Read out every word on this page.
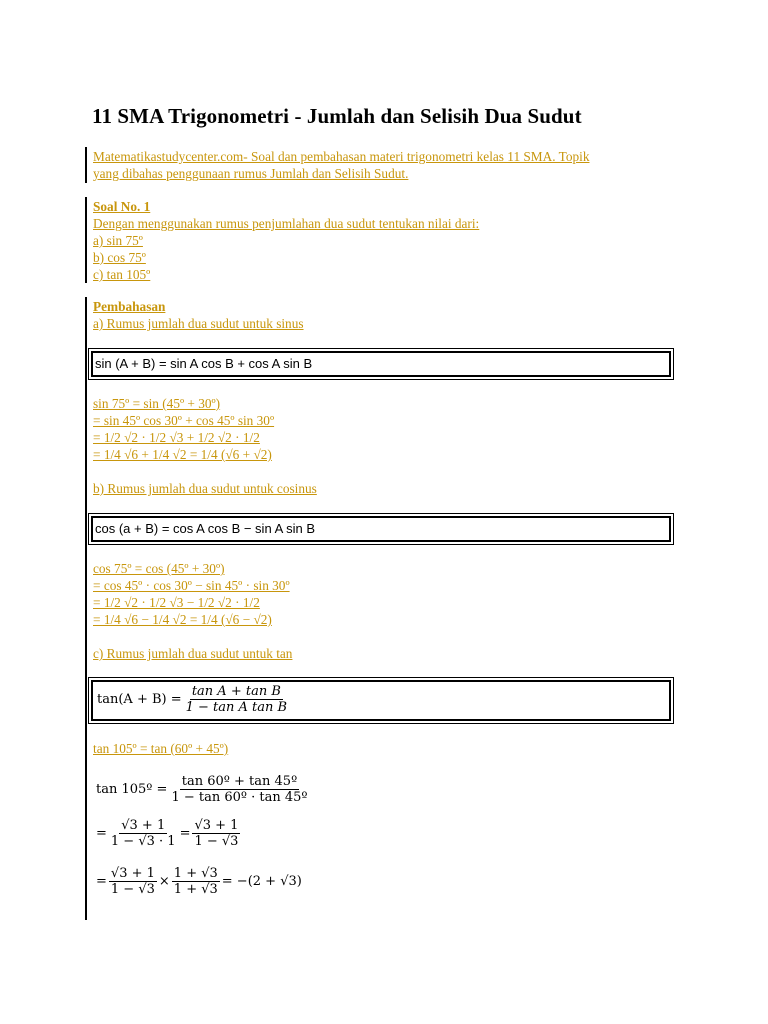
11 SMA Trigonometri - Jumlah dan Selisih Dua Sudut
Matematikastudycenter.com- Soal dan pembahasan materi trigonometri kelas 11 SMA. Topik
yang dibahas penggunaan rumus Jumlah dan Selisih Sudut.
Soal No. 1
Dengan menggunakan rumus penjumlahan dua sudut tentukan nilai dari:
a) sin 75º
b) cos 75º
c) tan 105º
Pembahasan
a) Rumus jumlah dua sudut untuk sinus
sin (A + B) = sin A cos B + cos A sin B
sin 75º = sin (45º + 30º)
= sin 45º cos 30º + cos 45º sin 30º
= 1/2 √2 · 1/2 √3 + 1/2 √2 · 1/2
= 1/4 √6 + 1/4 √2 = 1/4 (√6 + √2)
b) Rumus jumlah dua sudut untuk cosinus
cos (a + B) = cos A cos B − sin A sin B
cos 75º = cos (45º + 30º)
= cos 45º · cos 30º − sin 45º · sin 30º
= 1/2 √2 · 1/2 √3 − 1/2 √2 · 1/2
= 1/4 √6 − 1/4 √2 = 1/4 (√6 − √2)
c) Rumus jumlah dua sudut untuk tan
$\tan(A + B) = \frac{\text{tan A + tan B}}{\text{1 − tan A tan B}}$
tan 105º = tan (60º + 45º)
tan 105º = $\frac{\text{tan 60º + tan 45º}}{\text{1 − tan 60º · tan 45º}}$
= $\frac{√3 + 1}{1 - √3 \cdot 1} = \frac{√3 + 1}{1 - √3}$
= $\frac{√3 + 1}{1 - √3} \times \frac{1 + √3}{1 + √3} = -(2 + √3)$
